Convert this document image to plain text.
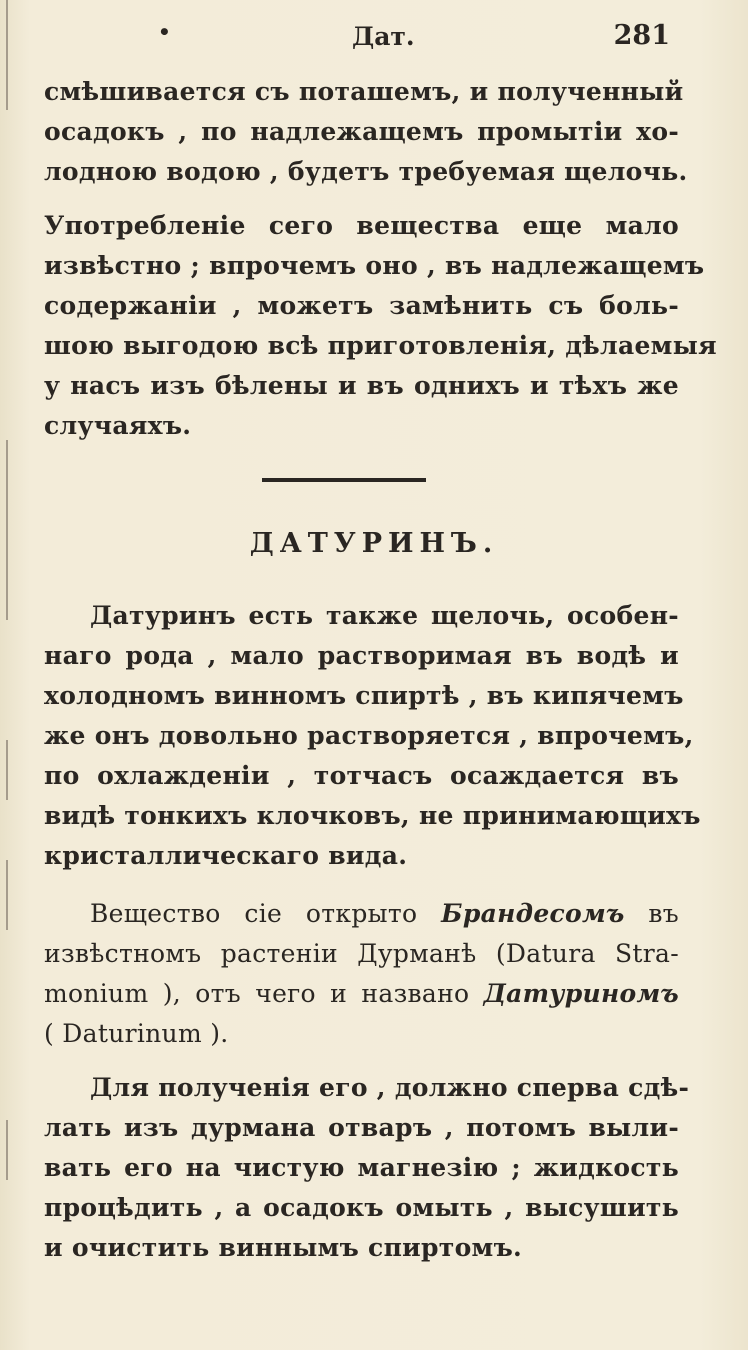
•	Дат.	281
смѣшивается съ поташемъ, и полученный
осадокъ , по надлежащемъ промытіи хо-
лодною водою , будетъ требуемая щелочь.
Употребленіе сего вещества еще мало
извѣстно ; впрочемъ оно , въ надлежащемъ
содержаніи , можетъ замѣнить съ боль-
шою выгодою всѣ приготовленія, дѣлаемыя
у насъ изъ бѣлены и въ однихъ и тѣхъ же
случаяхъ.
ДАТУРИНЪ.
Датуринъ есть также щелочь, особен-
наго рода , мало растворимая въ водѣ и
холодномъ винномъ спиртѣ , въ кипячемъ
же онъ довольно растворяется , впрочемъ,
по охлажденіи , тотчасъ осаждается въ
видѣ тонкихъ клочковъ, не принимающихъ
кристаллическаго вида.
Вещество сіе открыто Брандесомъ въ
извѣстномъ растеніи Дурманѣ (Datura Stra-
monium ), отъ чего и названо Датуриномъ
( Daturinum ).
Для полученія его , должно сперва сдѣ-
лать изъ дурмана отваръ , потомъ выли-
вать его на чистую магнезію ; жидкость
процѣдить , а осадокъ омыть , высушить
и очистить виннымъ спиртомъ.
